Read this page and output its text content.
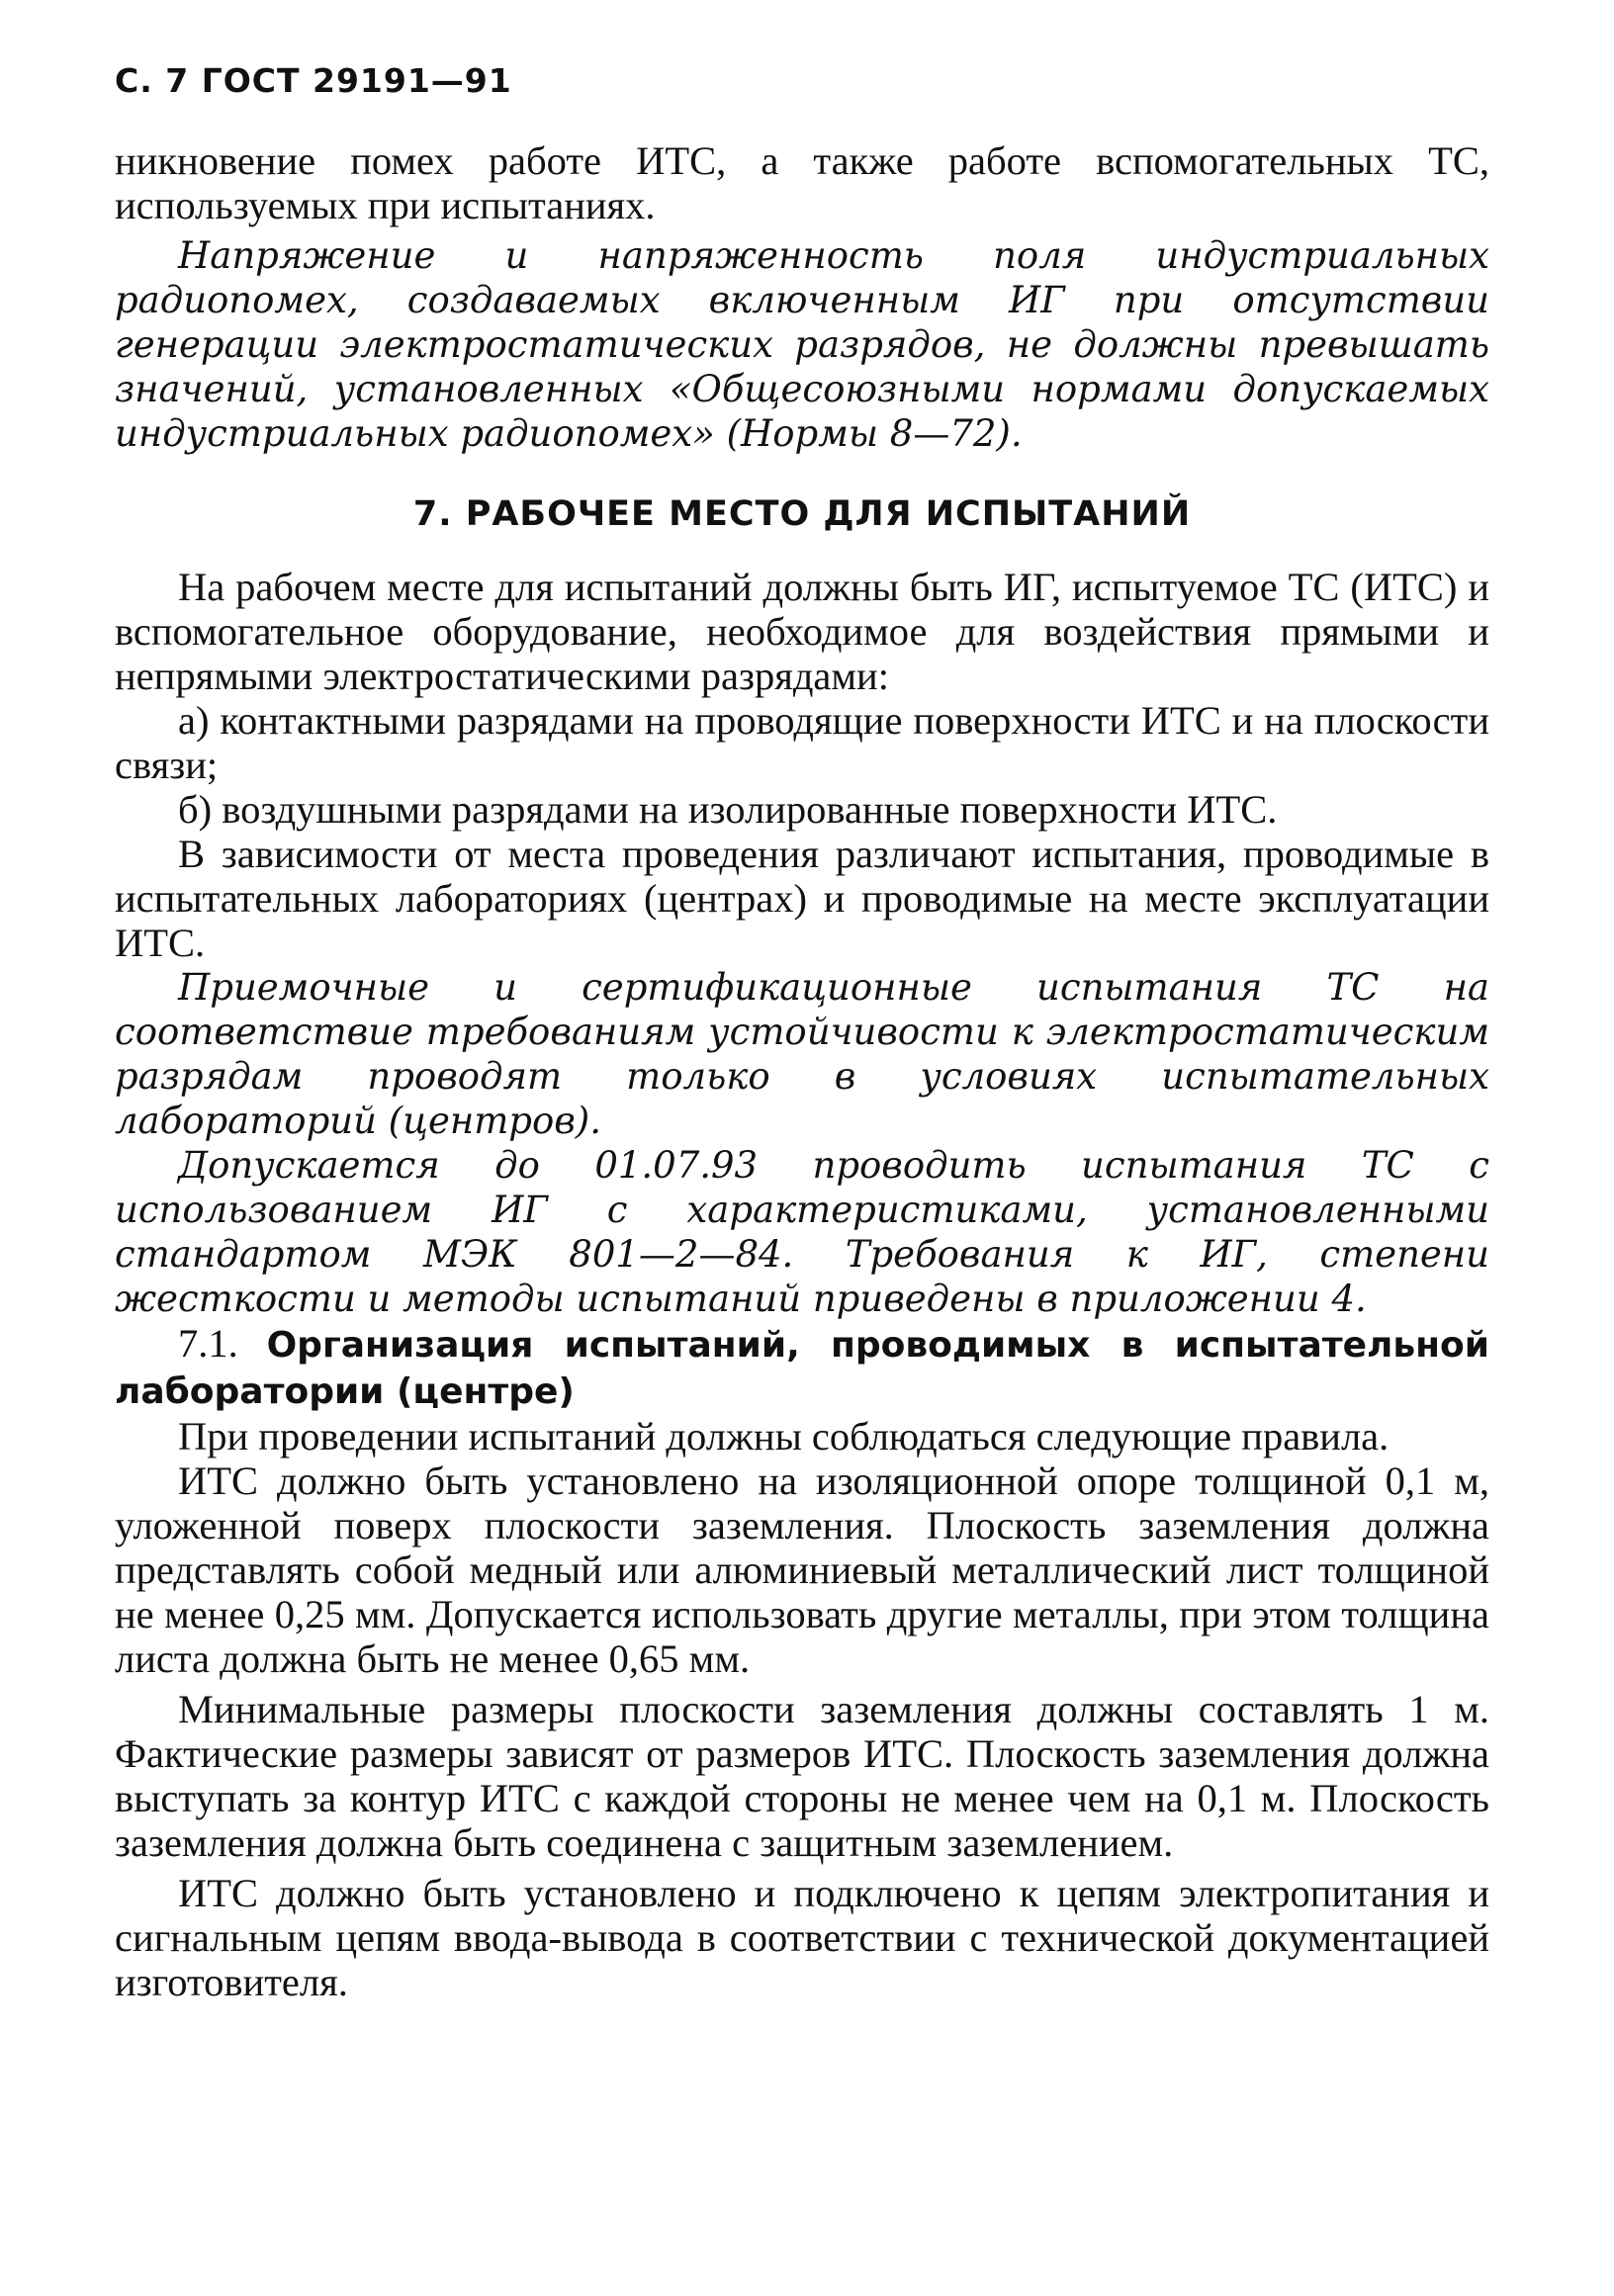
С. 7 ГОСТ 29191—91

никновение помех работе ИТС, а также работе вспомогательных ТС, используемых при испытаниях.

Напряжение и напряженность поля индустриальных радиопомех, создаваемых включенным ИГ при отсутствии генерации электростатических разрядов, не должны превышать значений, установленных «Общесоюзными нормами допускаемых индустриальных радиопомех» (Нормы 8—72).

7. РАБОЧЕЕ МЕСТО ДЛЯ ИСПЫТАНИЙ

На рабочем месте для испытаний должны быть ИГ, испытуемое ТС (ИТС) и вспомогательное оборудование, необходимое для воздействия прямыми и непрямыми электростатическими разрядами:

а) контактными разрядами на проводящие поверхности ИТС и на плоскости связи;

б) воздушными разрядами на изолированные поверхности ИТС.

В зависимости от места проведения различают испытания, проводимые в испытательных лабораториях (центрах) и проводимые на месте эксплуатации ИТС.

Приемочные и сертификационные испытания ТС на соответствие требованиям устойчивости к электростатическим разрядам проводят только в условиях испытательных лабораторий (центров).

Допускается до 01.07.93 проводить испытания ТС с использованием ИГ с характеристиками, установленными стандартом МЭК 801—2—84. Требования к ИГ, степени жесткости и методы испытаний приведены в приложении 4.

7.1. Организация испытаний, проводимых в испытательной лаборатории (центре)

При проведении испытаний должны соблюдаться следующие правила.

ИТС должно быть установлено на изоляционной опоре толщиной 0,1 м, уложенной поверх плоскости заземления. Плоскость заземления должна представлять собой медный или алюминиевый металлический лист толщиной не менее 0,25 мм. Допускается использовать другие металлы, при этом толщина листа должна быть не менее 0,65 мм.

Минимальные размеры плоскости заземления должны составлять 1 м. Фактические размеры зависят от размеров ИТС. Плоскость заземления должна выступать за контур ИТС с каждой стороны не менее чем на 0,1 м. Плоскость заземления должна быть соединена с защитным заземлением.

ИТС должно быть установлено и подключено к цепям электропитания и сигнальным цепям ввода-вывода в соответствии с технической документацией изготовителя.
